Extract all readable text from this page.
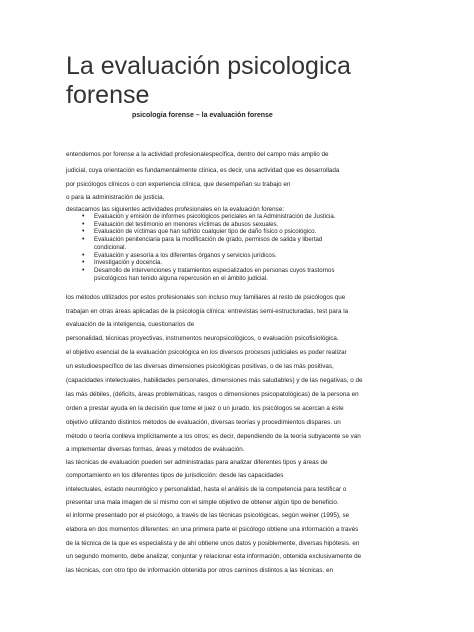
La evaluación psicologica forense
psicologia forense – la evaluación forense
entendemos por forense a la actividad profesionalespecífica, dentro del campo más amplio de
judicial, cuya orientación es fundamentalmente clínica, es decir, una actividad que es desarrollada
por psicólogos clínicos o con experiencia clínica, que desempeñan su trabajo en
o para la administración de justicia.
destacamos las siguientes actividades profesionales en la evaluación forense:
• Evaluación y emisión de informes psicológicos periciales en la Administración de Justicia.
• Evaluación del testimonio en menores víctimas de abusos sexuales.
• Evaluación de víctimas que han sufrido cualquier tipo de daño físico o psicológico.
• Evaluación penitenciaria para la modificación de grado, permisos de salida y libertad
condicional.
• Evaluación y asesoría a los diferentes órganos y servicios jurídicos.
• Investigación y docencia.
• Desarrollo de intervenciones y tratamientos especializados en personas cuyos trastornos
psicológicos han tenido alguna repercusión en el ámbito judicial.
los métodos utilizados por estos profesionales son incluso muy familiares al resto de psicólogos que
trabajan en otras áreas aplicadas de la psicología clínica: entrevistas semi-estructuradas, test para la
evaluación de la inteligencia, cuestionarios de
personalidad, técnicas proyectivas, instrumentos neuropsicológicos, o evaluación psicofisiológica.
el objetivo esencial de la evaluación psicológica en los diversos procesos judiciales es poder realizar
un estudioespecífico de las diversas dimensiones psicológicas positivas, o de las más positivas,
(capacidades intelectuales, habilidades personales, dimensiones más saludables) y de las negativas, o de
las más débiles, (déficits, áreas problemáticas, rasgos o dimensiones psicopatológicas) de la persona en
orden a prestar ayuda en la decisión que tome el juez o un jurado. los psicólogos se acercan a este
objetivo utilizando distintos métodos de evaluación, diversas teorías y procedimientos dispares. un
método o teoría conlleva implícitamente a los otros; es decir, dependiendo de la teoría subyacente se van
a implementar diversas formas, áreas y métodos de evaluación.
las técnicas de evaluación pueden ser administradas para analizar diferentes tipos y áreas de
comportamiento en los diferentes tipos de jurisdicción: desde las capacidades
intelectuales, estado neurológico y personalidad, hasta el análisis de la competencia para testificar o
presentar una mala imagen de sí mismo con el simple objetivo de obtener algún tipo de beneficio.
el informe presentado por el psicólogo, a través de las técnicas psicológicas, según weiner (1995), se
elabora en dos momentos diferentes: en una primera parte el psicólogo obtiene una información a través
de la técnica de la que es especialista y de ahí obtiene unos datos y posiblemente, diversas hipótesis. en
un segundo momento, debe analizar, conjuntar y relacionar esta información, obtenida exclusivamente de
las técnicas, con otro tipo de información obtenida por otros caminos distintos a las técnicas. en
